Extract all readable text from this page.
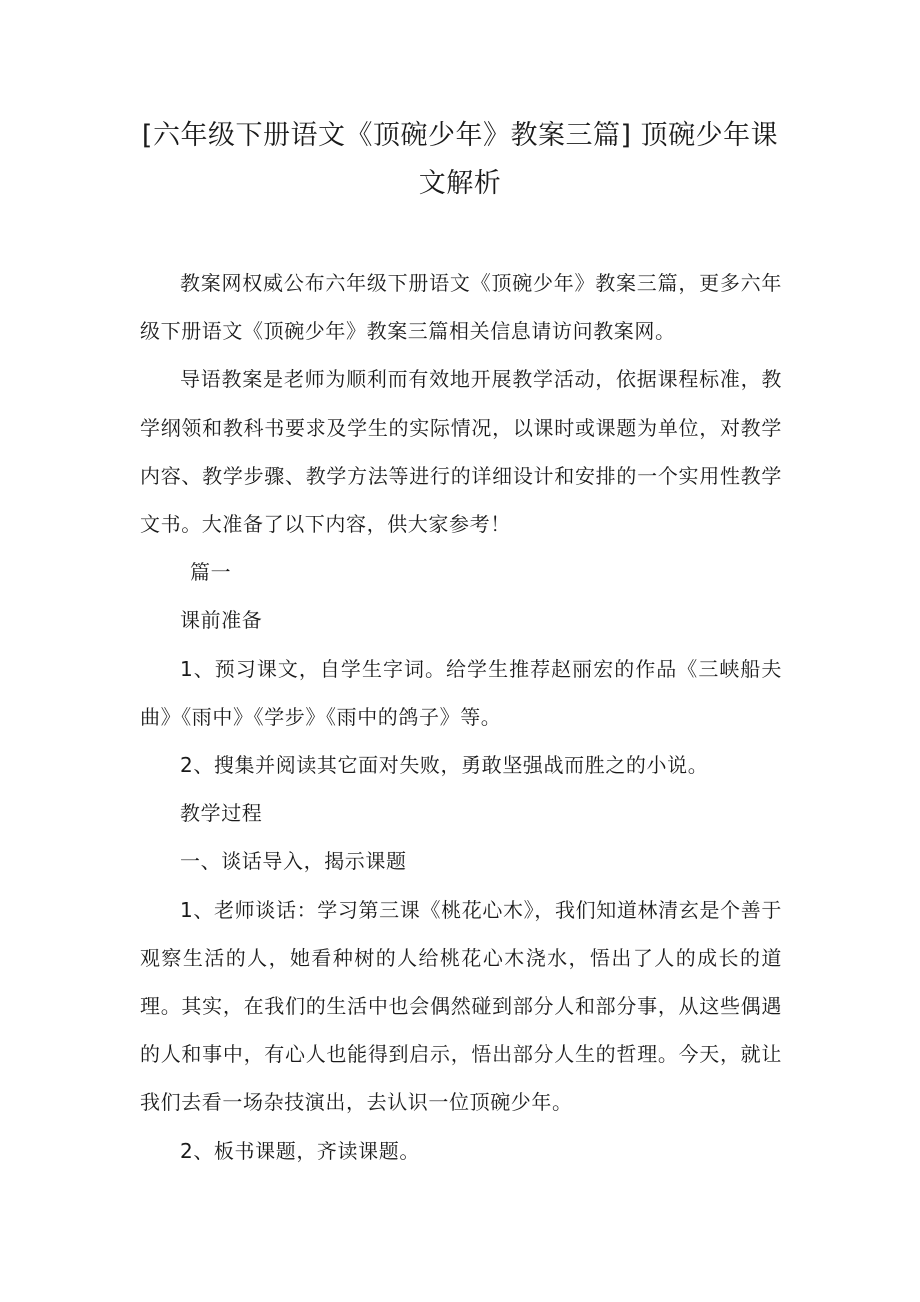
[六年级下册语文《顶碗少年》教案三篇] 顶碗少年课文解析

教案网权威公布六年级下册语文《顶碗少年》教案三篇，更多六年级下册语文《顶碗少年》教案三篇相关信息请访问教案网。

导语教案是老师为顺利而有效地开展教学活动，依据课程标准，教学纲领和教科书要求及学生的实际情况，以课时或课题为单位，对教学内容、教学步骤、教学方法等进行的详细设计和安排的一个实用性教学文书。大准备了以下内容，供大家参考！

篇一

课前准备

1、预习课文，自学生字词。给学生推荐赵丽宏的作品《三峡船夫曲》《雨中》《学步》《雨中的鸽子》等。

2、搜集并阅读其它面对失败，勇敢坚强战而胜之的小说。

教学过程

一、谈话导入，揭示课题

1、老师谈话：学习第三课《桃花心木》，我们知道林清玄是个善于观察生活的人，她看种树的人给桃花心木浇水，悟出了人的成长的道理。其实，在我们的生活中也会偶然碰到部分人和部分事，从这些偶遇的人和事中，有心人也能得到启示，悟出部分人生的哲理。今天，就让我们去看一场杂技演出，去认识一位顶碗少年。

2、板书课题，齐读课题。
